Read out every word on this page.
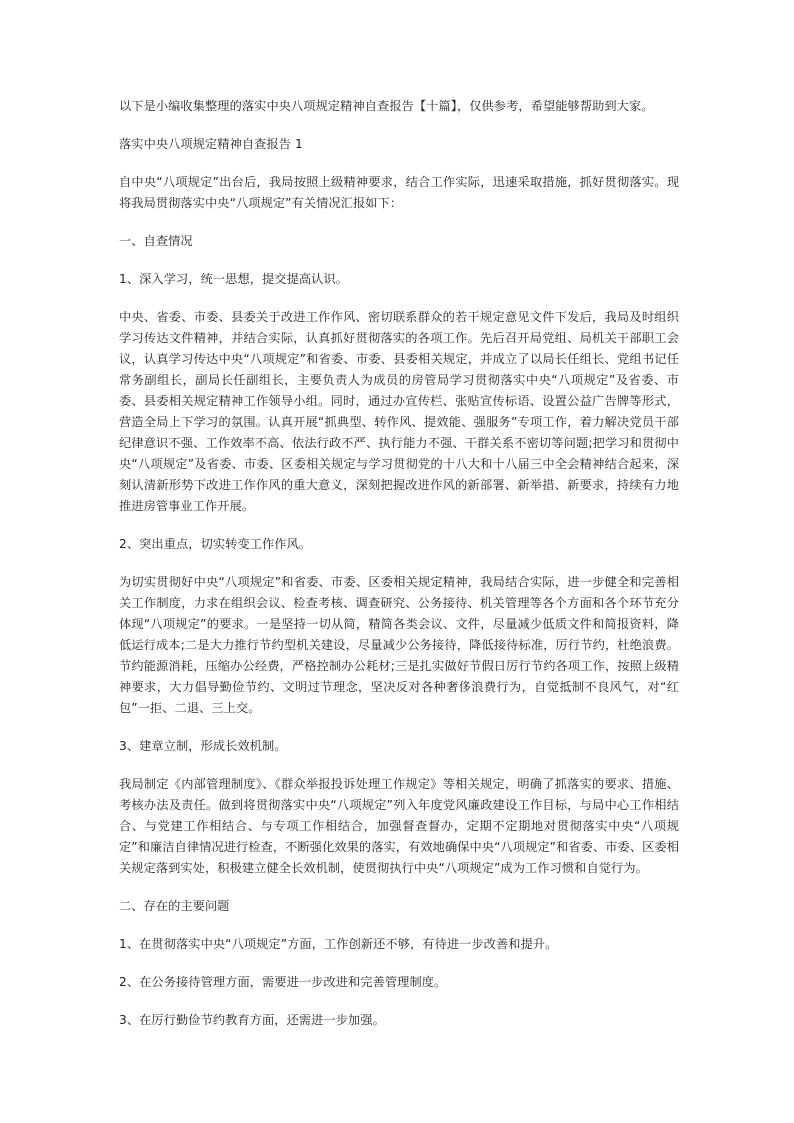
以下是小编收集整理的落实中央八项规定精神自查报告【十篇】，仅供参考，希望能够帮助到大家。

落实中央八项规定精神自查报告 1

自中央“八项规定”出台后，我局按照上级精神要求，结合工作实际，迅速采取措施，抓好贯彻落实。现将我局贯彻落实中央“八项规定”有关情况汇报如下：

一、自查情况

1、深入学习，统一思想，提交提高认识。

中央、省委、市委、县委关于改进工作作风、密切联系群众的若干规定意见文件下发后，我局及时组织学习传达文件精神，并结合实际，认真抓好贯彻落实的各项工作。先后召开局党组、局机关干部职工会议，认真学习传达中央“八项规定”和省委、市委、县委相关规定，并成立了以局长任组长、党组书记任常务副组长，副局长任副组长，主要负责人为成员的房管局学习贯彻落实中央“八项规定”及省委、市委、县委相关规定精神工作领导小组。同时，通过办宣传栏、张贴宣传标语、设置公益广告牌等形式，营造全局上下学习的氛围。认真开展“抓典型、转作风、提效能、强服务”专项工作，着力解决党员干部纪律意识不强、工作效率不高、依法行政不严、执行能力不强、干群关系不密切等问题;把学习和贯彻中央“八项规定”及省委、市委、区委相关规定与学习贯彻党的十八大和十八届三中全会精神结合起来，深刻认清新形势下改进工作作风的重大意义，深刻把握改进作风的新部署、新举措、新要求，持续有力地推进房管事业工作开展。

2、突出重点，切实转变工作作风。

为切实贯彻好中央“八项规定”和省委、市委、区委相关规定精神，我局结合实际，进一步健全和完善相关工作制度，力求在组织会议、检查考核、调查研究、公务接待、机关管理等各个方面和各个环节充分体现“八项规定”的要求。一是坚持一切从简，精简各类会议、文件，尽量减少低质文件和简报资料，降低运行成本;二是大力推行节约型机关建设，尽量减少公务接待，降低接待标准，厉行节约，杜绝浪费。节约能源消耗，压缩办公经费，严格控制办公耗材;三是扎实做好节假日厉行节约各项工作，按照上级精神要求，大力倡导勤俭节约、文明过节理念，坚决反对各种奢侈浪费行为，自觉抵制不良风气，对“红包”一拒、二退、三上交。

3、建章立制，形成长效机制。

我局制定《内部管理制度》、《群众举报投诉处理工作规定》等相关规定，明确了抓落实的要求、措施、考核办法及责任。做到将贯彻落实中央“八项规定”列入年度党风廉政建设工作目标，与局中心工作相结合、与党建工作相结合、与专项工作相结合，加强督查督办，定期不定期地对贯彻落实中央“八项规定”和廉洁自律情况进行检查，不断强化效果的落实，有效地确保中央“八项规定”和省委、市委、区委相关规定落到实处，积极建立健全长效机制，使贯彻执行中央“八项规定”成为工作习惯和自觉行为。

二、存在的主要问题

1、在贯彻落实中央“八项规定”方面，工作创新还不够，有待进一步改善和提升。

2、在公务接待管理方面，需要进一步改进和完善管理制度。

3、在厉行勤俭节约教育方面，还需进一步加强。
